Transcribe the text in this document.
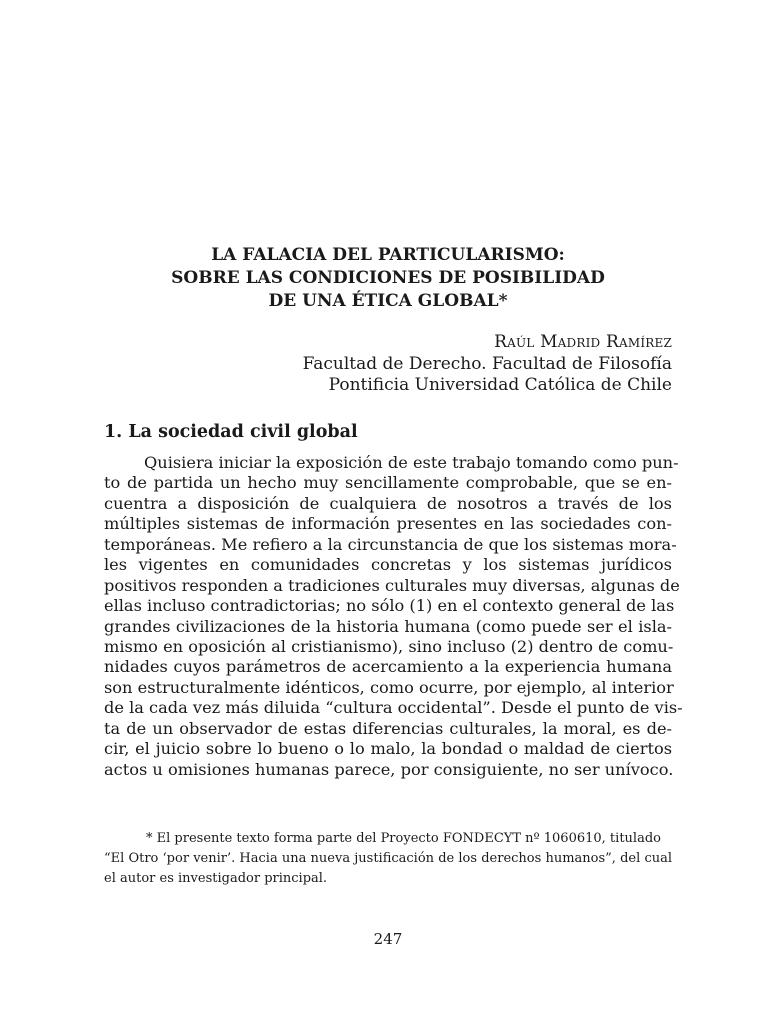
LA FALACIA DEL PARTICULARISMO:
SOBRE LAS CONDICIONES DE POSIBILIDAD
DE UNA ÉTICA GLOBAL*
Raúl Madrid Ramírez
Facultad de Derecho. Facultad de Filosofía
Pontificia Universidad Católica de Chile
1. La sociedad civil global

Quisiera iniciar la exposición de este trabajo tomando como pun-
to de partida un hecho muy sencillamente comprobable, que se en-
cuentra a disposición de cualquiera de nosotros a través de los
múltiples sistemas de información presentes en las sociedades con-
temporáneas. Me refiero a la circunstancia de que los sistemas mora-
les vigentes en comunidades concretas y los sistemas jurídicos
positivos responden a tradiciones culturales muy diversas, algunas de
ellas incluso contradictorias; no sólo (1) en el contexto general de las
grandes civilizaciones de la historia humana (como puede ser el isla-
mismo en oposición al cristianismo), sino incluso (2) dentro de comu-
nidades cuyos parámetros de acercamiento a la experiencia humana
son estructuralmente idénticos, como ocurre, por ejemplo, al interior
de la cada vez más diluida “cultura occidental”. Desde el punto de vis-
ta de un observador de estas diferencias culturales, la moral, es de-
cir, el juicio sobre lo bueno o lo malo, la bondad o maldad de ciertos
actos u omisiones humanas parece, por consiguiente, no ser unívoco.

* El presente texto forma parte del Proyecto FONDECYT nº 1060610, titulado
“El Otro ‘por venir’. Hacia una nueva justificación de los derechos humanos”, del cual
el autor es investigador principal.

247
